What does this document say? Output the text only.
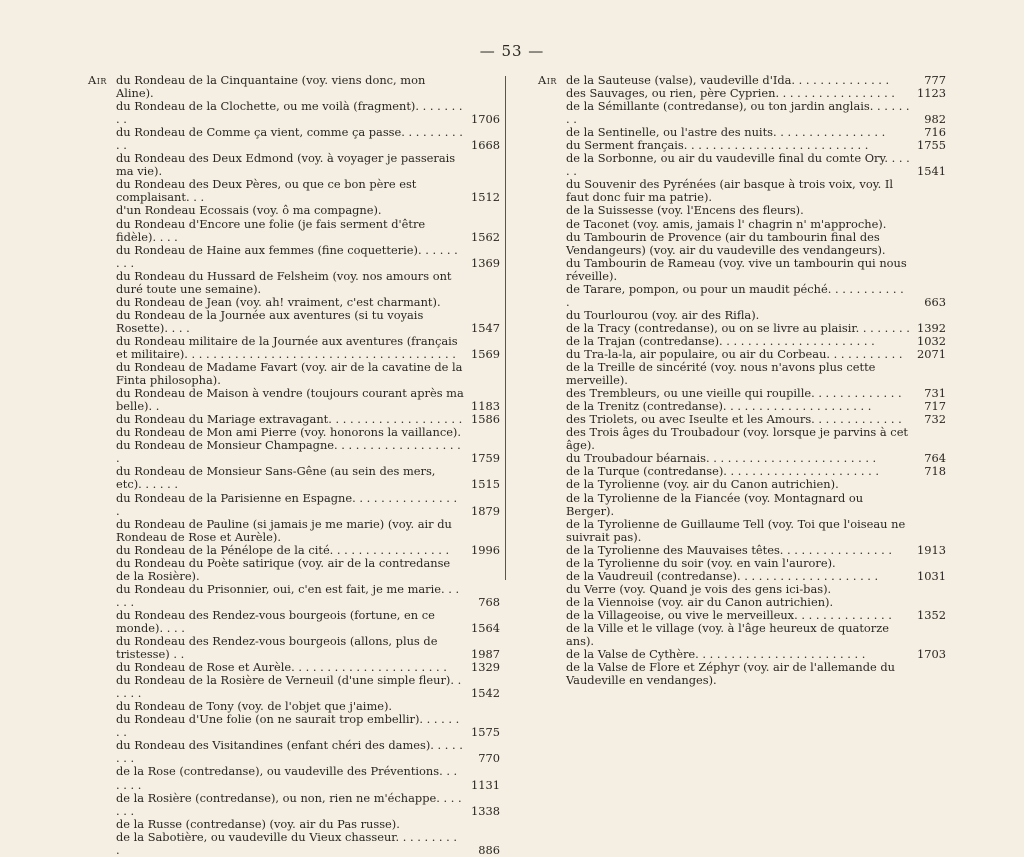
— 53 —
Air du Rondeau de la Cinquantaine (voy. viens donc, mon Aline).
du Rondeau de la Clochette, ou me voilà (fragment). . . . . . . . .	1706
du Rondeau de Comme ça vient, comme ça passe. . . . . . . . . . .	1668
du Rondeau des Deux Edmond (voy. à voyager je passerais ma vie).
du Rondeau des Deux Pères, ou que ce bon père est complaisant. . .	1512
d'un Rondeau Ecossais (voy. ô ma compagne).
du Rondeau d'Encore une folie (je fais serment d'être fidèle). . . .	1562
du Rondeau de Haine aux femmes (fine coquetterie). . . . . . . . .	1369
du Rondeau du Hussard de Felsheim (voy. nos amours ont duré toute une semaine).
du Rondeau de Jean (voy. ah! vraiment, c'est charmant).
du Rondeau de la Journée aux aventures (si tu voyais Rosette). . . .	1547
du Rondeau militaire de la Journée aux aventures (français et militaire). . . . . . . . . . . . . . . . . . . . . . . . . . . . . . . . . . . . . .	1569
du Rondeau de Madame Favart (voy. air de la cavatine de la Finta philosopha).
du Rondeau de Maison à vendre (toujours courant après ma belle). .	1183
du Rondeau du Mariage extravagant. . . . . . . . . . . . . . . . . . . 1586
du Rondeau de Mon ami Pierre (voy. honorons la vaillance).
du Rondeau de Monsieur Champagne. . . . . . . . . . . . . . . . . . .	1759
du Rondeau de Monsieur Sans-Gêne (au sein des mers, etc). . . . . .	1515
du Rondeau de la Parisienne en Espagne. . . . . . . . . . . . . . . .	1879
du Rondeau de Pauline (si jamais je me marie) (voy. air du Rondeau de Rose et Aurèle).
du Rondeau de la Pénélope de la cité. . . . . . . . . . . . . . . . .	1996
du Rondeau du Poète satirique (voy. air de la contredanse de la Rosière).
du Rondeau du Prisonnier, oui, c'en est fait, je me marie. . . . . .	768
du Rondeau des Rendez-vous bourgeois (fortune, en ce monde). . . .	1564
du Rondeau des Rendez-vous bourgeois (allons, plus de tristesse) . .	1987
du Rondeau de Rose et Aurèle. . . . . . . . . . . . . . . . . . . . . .	1329
du Rondeau de la Rosière de Verneuil (d'une simple fleur). . . . . .	1542
du Rondeau de Tony (voy. de l'objet que j'aime).
du Rondeau d'Une folie (on ne saurait trop embellir). . . . . . . .	1575
du Rondeau des Visitandines (enfant chéri des dames). . . . . . . .	770
de la Rose (contredanse), ou vaudeville des Préventions. . . . . . .	1131
de la Rosière (contredanse), ou non, rien ne m'échappe. . . . . . .	1338
de la Russe (contredanse) (voy. air du Pas russe).
de la Sabotière, ou vaudeville du Vieux chasseur. . . . . . . . . .	886
Air de la Sauteuse (valse), vaudeville d'Ida. . . . . . . . . . . . . .	777
des Sauvages, ou rien, père Cyprien. . . . . . . . . . . . . . . . .	1123
de la Sémillante (contredanse), ou ton jardin anglais. . . . . . . .	982
de la Sentinelle, ou l'astre des nuits. . . . . . . . . . . . . . . .	716
du Serment français. . . . . . . . . . . . . . . . . . . . . . . . . .	1755
de la Sorbonne, ou air du vaudeville final du comte Ory. . . . . .	1541
du Souvenir des Pyrénées (air basque à trois voix, voy. Il faut donc fuir ma patrie).
de la Suissesse (voy. l'Encens des fleurs).
de Taconet (voy. amis, jamais l' chagrin n' m'approche).
du Tambourin de Provence (air du tambourin final des Vendangeurs) (voy. air du vaudeville des vendangeurs).
du Tambourin de Rameau (voy. vive un tambourin qui nous réveille).
de Tarare, pompon, ou pour un maudit péché. . . . . . . . . . . .	663
du Tourlourou (voy. air des Rifla).
de la Tracy (contredanse), ou on se livre au plaisir. . . . . . . . 1392
de la Trajan (contredanse). . . . . . . . . . . . . . . . . . . . . .	1032
du Tra-la-la, air populaire, ou air du Corbeau. . . . . . . . . . .	2071
de la Treille de sincérité (voy. nous n'avons plus cette merveille).
des Trembleurs, ou une vieille qui roupille. . . . . . . . . . . . .	731
de la Trenitz (contredanse). . . . . . . . . . . . . . . . . . . . .	717
des Triolets, ou avec Iseulte et les Amours. . . . . . . . . . . . .	732
des Trois âges du Troubadour (voy. lorsque je parvins à cet âge).
du Troubadour béarnais. . . . . . . . . . . . . . . . . . . . . . . .	764
de la Turque (contredanse). . . . . . . . . . . . . . . . . . . . . .	718
de la Tyrolienne (voy. air du Canon autrichien).
de la Tyrolienne de la Fiancée (voy. Montagnard ou Berger).
de la Tyrolienne de Guillaume Tell (voy. Toi que l'oiseau ne suivrait pas).
de la Tyrolienne des Mauvaises têtes. . . . . . . . . . . . . . . .	1913
de la Tyrolienne du soir (voy. en vain l'aurore).
de la Vaudreuil (contredanse). . . . . . . . . . . . . . . . . . . .	1031
du Verre (voy. Quand je vois des gens ici-bas).
de la Viennoise (voy. air du Canon autrichien).
de la Villageoise, ou vive le merveilleux. . . . . . . . . . . . . .	1352
de la Ville et le village (voy. à l'âge heureux de quatorze ans).
de la Valse de Cythère. . . . . . . . . . . . . . . . . . . . . . . .	1703
de la Valse de Flore et Zéphyr (voy. air de l'allemande du Vaudeville en vendanges).
